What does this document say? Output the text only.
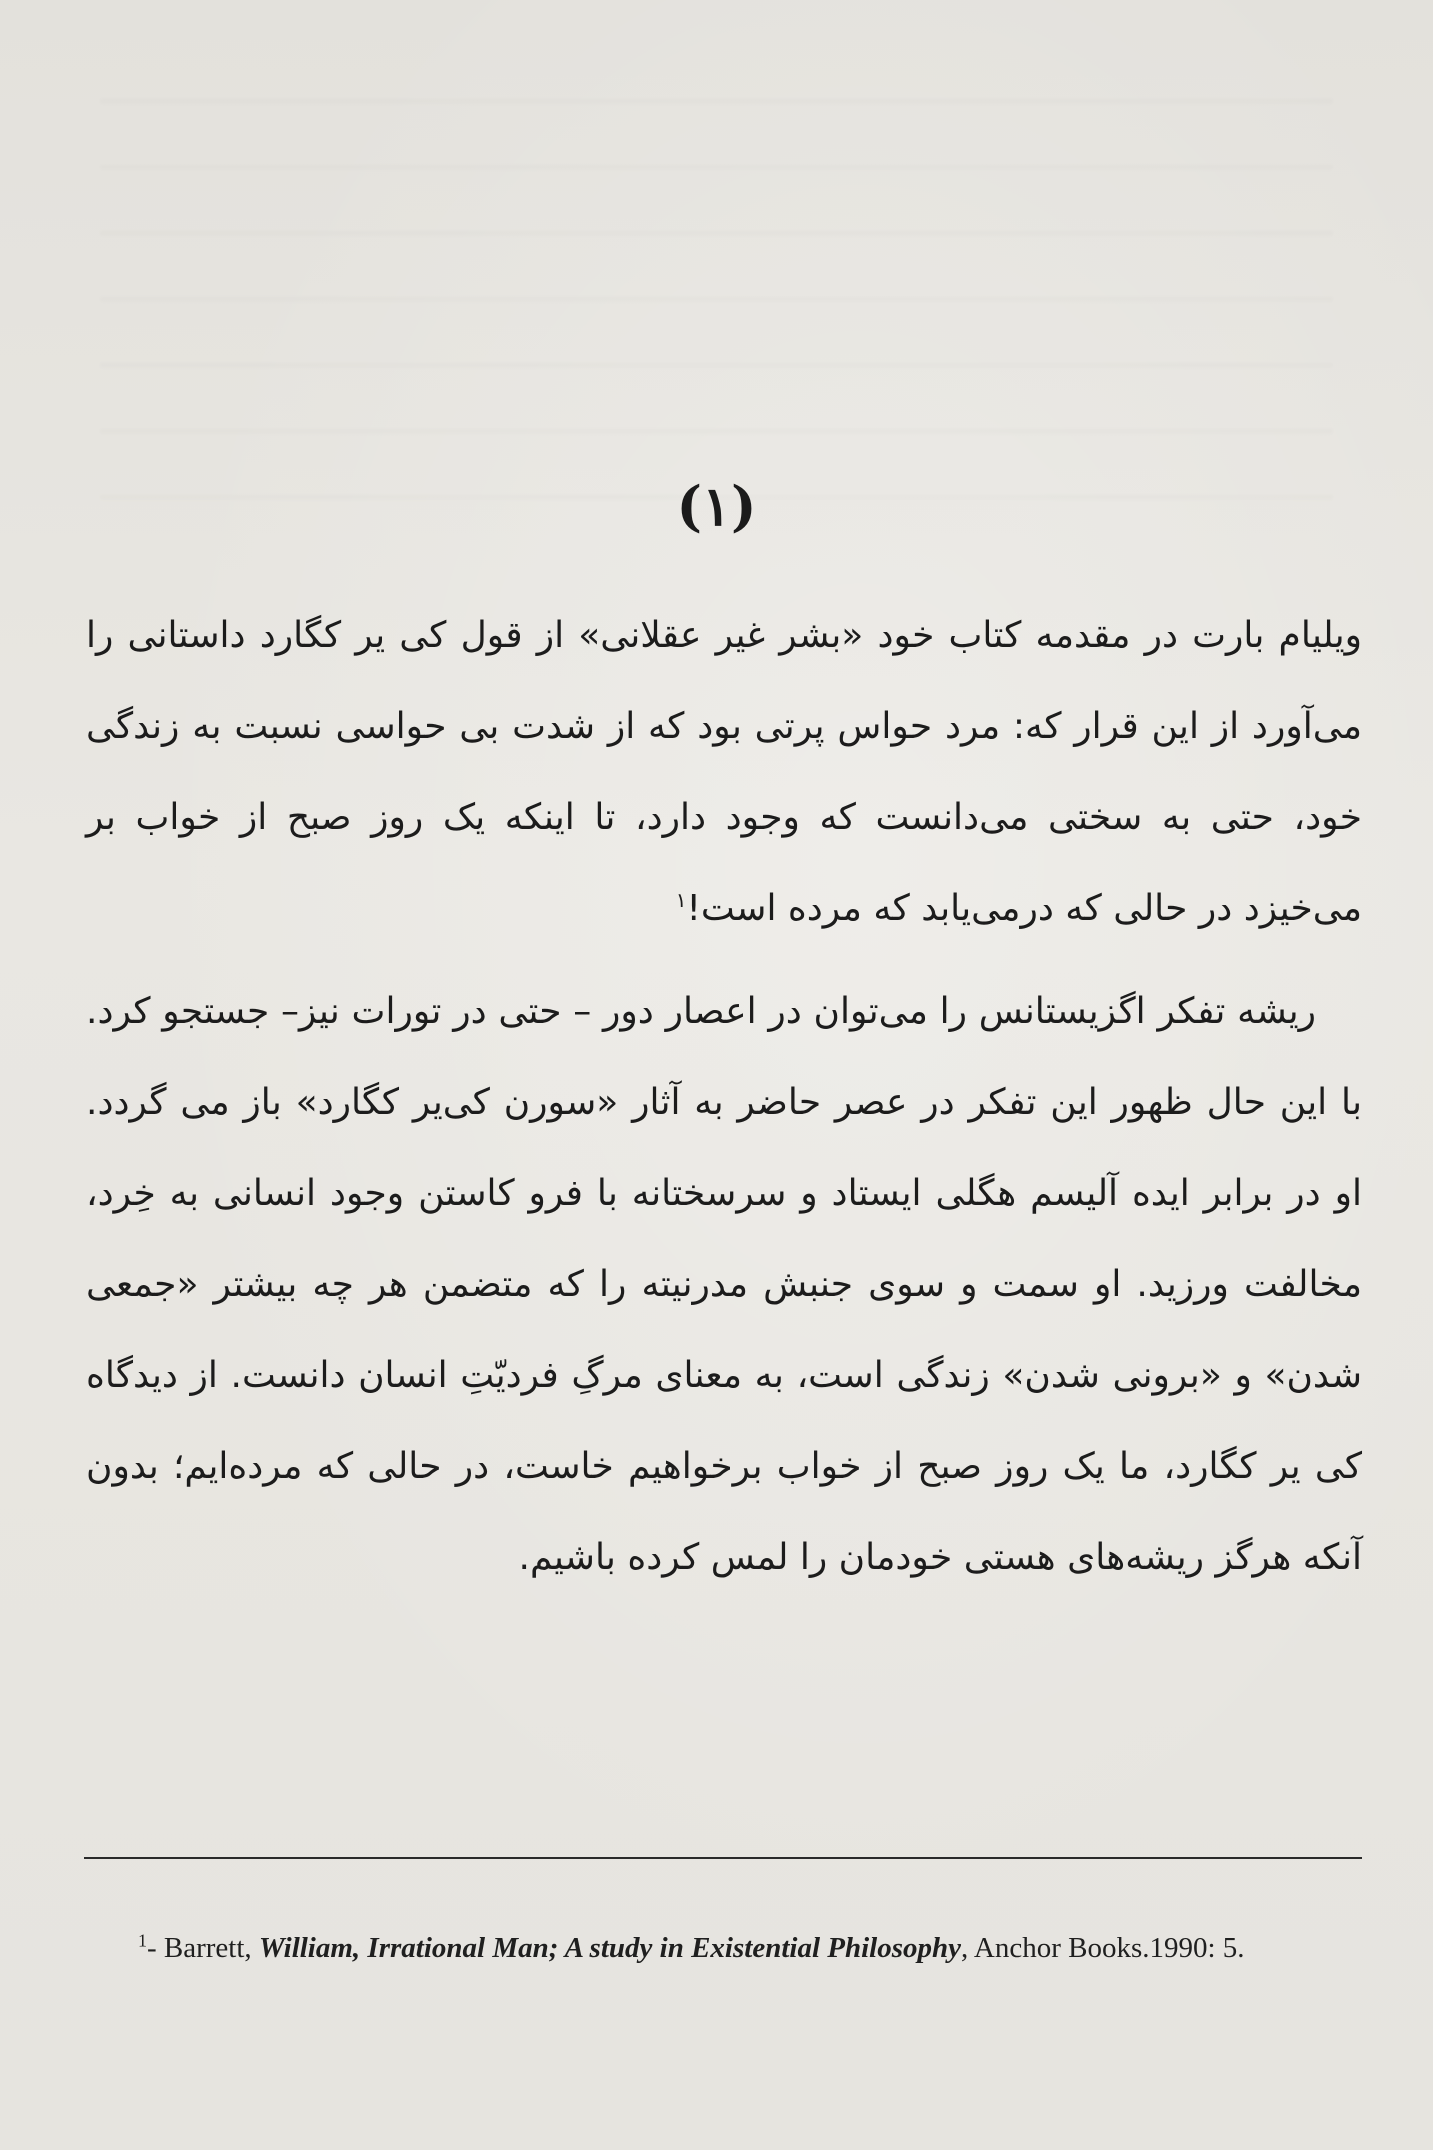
(۱)

ویلیام بارت در مقدمه کتاب خود «بشر غیر عقلانی» از قول کی یر کگارد داستانی را می‌آورد از این قرار که: مرد حواس پرتی بود که از شدت بی حواسی نسبت به زندگی خود، حتی به سختی می‌دانست که وجود دارد، تا اینکه یک روز صبح از خواب بر می‌خیزد در حالی که درمی‌یابد که مرده است!$^۱$

ریشه تفکر اگزیستانس را می‌توان در اعصار دور – حتی در تورات نیز– جستجو کرد. با این حال ظهور این تفکر در عصر حاضر به آثار «سورن کی‌یر کگارد» باز می گردد. او در برابر ایده آلیسم هگلی ایستاد و سرسختانه با فرو کاستن وجود انسانی به خِرد، مخالفت ورزید. او سمت و سوی جنبش مدرنیته را که متضمن هر چه بیشتر «جمعی شدن» و «برونی شدن» زندگی است، به معنای مرگِ فردیّتِ انسان دانست. از دیدگاه کی یر کگارد، ما یک روز صبح از خواب برخواهیم خاست، در حالی که مرده‌ایم؛ بدون آنکه هرگز ریشه‌های هستی خودمان را لمس کرده باشیم.

$^1$- Barrett, William, Irrational Man; A study in Existential Philosophy, Anchor Books.1990: 5.
